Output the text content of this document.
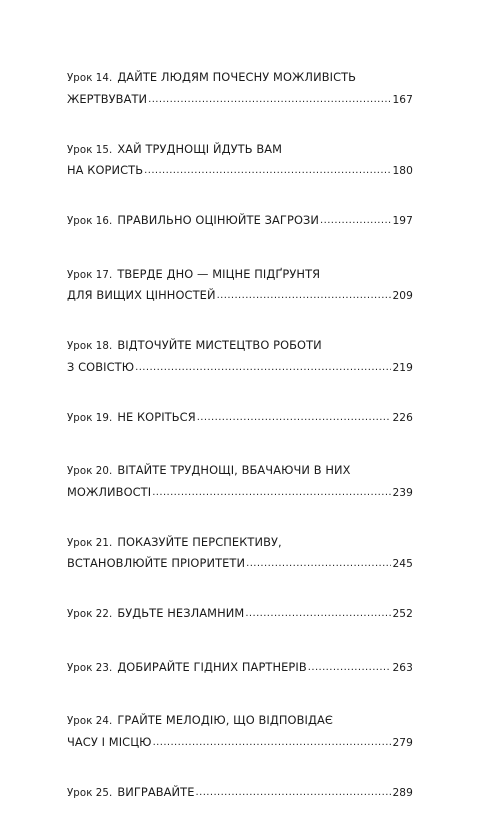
Урок 14. ДАЙТЕ ЛЮДЯМ ПОЧЕСНУ МОЖЛИВІСТЬ
ЖЕРТВУВАТИ .....	167
Урок 15. ХАЙ ТРУДНОЩІ ЙДУТЬ ВАМ
НА КОРИСТЬ .....	180
Урок 16. ПРАВИЛЬНО ОЦІНЮЙТЕ ЗАГРОЗИ .....	197
Урок 17. ТВЕРДЕ ДНО — МІЦНЕ ПІДҐРУНТЯ
ДЛЯ ВИЩИХ ЦІННОСТЕЙ .....	209
Урок 18. ВІДТОЧУЙТЕ МИСТЕЦТВО РОБОТИ
З СОВІСТЮ .....	219
Урок 19. НЕ КОРІТЬСЯ .....	226
Урок 20. ВІТАЙТЕ ТРУДНОЩІ, ВБАЧАЮЧИ В НИХ
МОЖЛИВОСТІ .....	239
Урок 21. ПОКАЗУЙТЕ ПЕРСПЕКТИВУ,
ВСТАНОВЛЮЙТЕ ПРІОРИТЕТИ .....	245
Урок 22. БУДЬТЕ НЕЗЛАМНИМ .....	252
Урок 23. ДОБИРАЙТЕ ГІДНИХ ПАРТНЕРІВ .....	263
Урок 24. ГРАЙТЕ МЕЛОДІЮ, ЩО ВІДПОВІДАЄ
ЧАСУ І МІСЦЮ .....	279
Урок 25. ВИГРАВАЙТЕ .....	289
